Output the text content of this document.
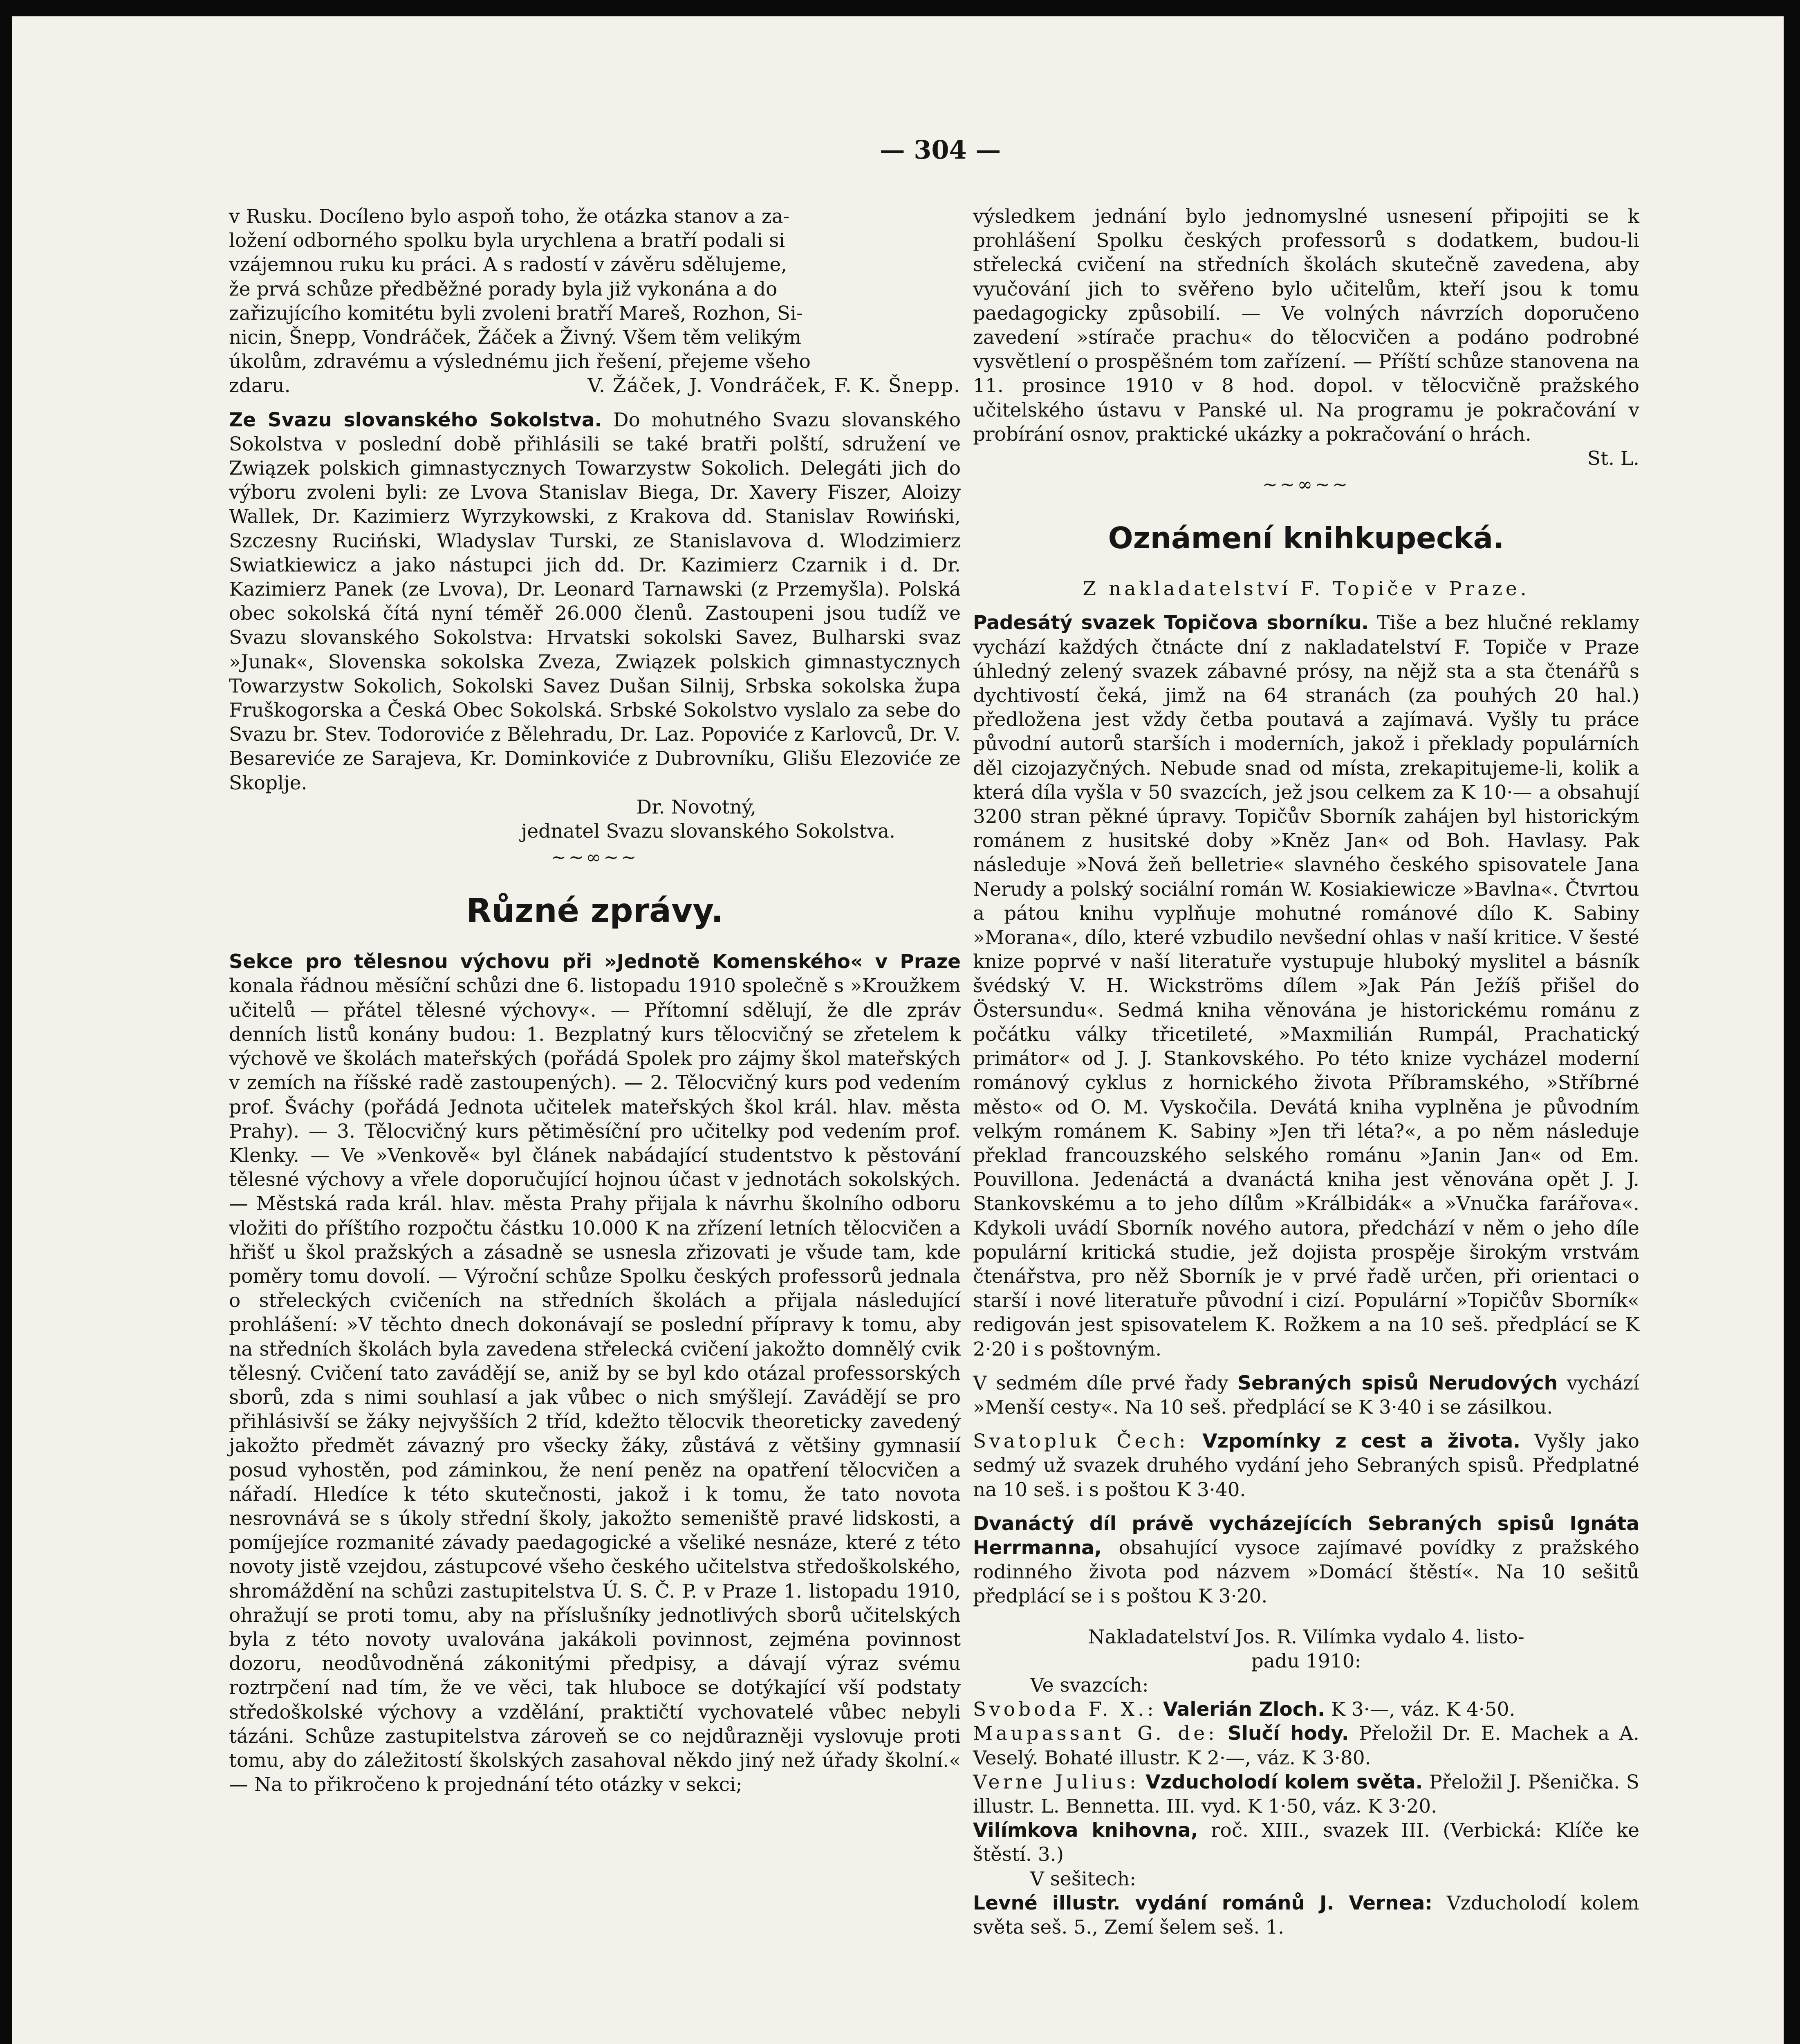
— 304 —

v Rusku. Docíleno bylo aspoň toho, že otázka stanov a za-

ložení odborného spolku byla urychlena a bratří podali si

vzájemnou ruku ku práci. A s radostí v závěru sdělujeme,

že prvá schůze předběžné porady byla již vykonána a do

zařizujícího komitétu byli zvoleni bratří Mareš, Rozhon, Si-

nicin, Šnepp, Vondráček, Žáček a Živný. Všem těm velikým

úkolům, zdravému a výslednému jich řešení, přejeme všeho

zdaru.	V. Žáček, J. Vondráček, F. K. Šnepp.

Ze Svazu slovanského Sokolstva. Do mohutného Svazu slovanského Sokolstva v poslední době přihlásili se také bratři polští, sdružení ve Związek polskich gimnastycznych Towarzystw Sokolich. Delegáti jich do výboru zvoleni byli: ze Lvova Stanislav Biega, Dr. Xavery Fiszer, Aloizy Wallek, Dr. Kazimierz Wyrzykowski, z Krakova dd. Stanislav Rowiński, Szczesny Ruciński, Wladyslav Turski, ze Stanislavova d. Wlodzimierz Swiatkiewicz a jako nástupci jich dd. Dr. Kazimierz Czarnik i d. Dr. Kazimierz Panek (ze Lvova), Dr. Leonard Tarnawski (z Przemyšla). Polská obec sokolská čítá nyní téměř 26.000 členů. Zastoupeni jsou tudíž ve Svazu slovanského Sokolstva: Hrvatski sokolski Savez, Bulharski svaz »Junak«, Slovenska sokolska Zveza, Związek polskich gimnastycznych Towarzystw Sokolich, Sokolski Savez Dušan Silnij, Srbska sokolska župa Fruškogorska a Česká Obec Sokolská. Srbské Sokolstvo vyslalo za sebe do Svazu br. Stev. Todoroviće z Bělehradu, Dr. Laz. Popoviće z Karlovců, Dr. V. Besareviće ze Sarajeva, Kr. Dominkoviće z Dubrovníku, Glišu Elezoviće ze Skoplje.

Dr. Novotný,

jednatel Svazu slovanského Sokolstva.

~~∞~~
Různé zprávy.

Sekce pro tělesnou výchovu při »Jednotě Komenského« v Praze konala řádnou měsíční schůzi dne 6. listopadu 1910 společně s »Kroužkem učitelů — přátel tělesné výchovy«. — Přítomní sdělují, že dle zpráv denních listů konány budou: 1. Bezplatný kurs tělocvičný se zřetelem k výchově ve školách mateřských (pořádá Spolek pro zájmy škol mateřských v zemích na říšské radě zastoupených). — 2. Tělocvičný kurs pod vedením prof. Šváchy (pořádá Jednota učitelek mateřských škol král. hlav. města Prahy). — 3. Tělocvičný kurs pětiměsíční pro učitelky pod vedením prof. Klenky. — Ve »Venkově« byl článek nabádající studentstvo k pěstování tělesné výchovy a vřele doporučující hojnou účast v jednotách sokolských. — Městská rada král. hlav. města Prahy přijala k návrhu školního odboru vložiti do příštího rozpočtu částku 10.000 K na zřízení letních tělocvičen a hřišť u škol pražských a zásadně se usnesla zřizovati je všude tam, kde poměry tomu dovolí. — Výroční schůze Spolku českých professorů jednala o střeleckých cvičeních na středních školách a přijala následující prohlášení: »V těchto dnech dokonávají se poslední přípravy k tomu, aby na středních školách byla zavedena střelecká cvičení jakožto domnělý cvik tělesný. Cvičení tato zavádějí se, aniž by se byl kdo otázal professorských sborů, zda s nimi souhlasí a jak vůbec o nich smýšlejí. Zavádějí se pro přihlásivší se žáky nejvyšších 2 tříd, kdežto tělocvik theoreticky zavedený jakožto předmět závazný pro všecky žáky, zůstává z většiny gymnasií posud vyhostěn, pod záminkou, že není peněz na opatření tělocvičen a nářadí. Hledíce k této skutečnosti, jakož i k tomu, že tato novota nesrovnává se s úkoly střední školy, jakožto semeniště pravé lidskosti, a pomíjejíce rozmanité závady paedagogické a všeliké nesnáze, které z této novoty jistě vzejdou, zástupcové všeho českého učitelstva středoškolského, shromáždění na schůzi zastupitelstva Ú. S. Č. P. v Praze 1. listopadu 1910, ohražují se proti tomu, aby na příslušníky jednotlivých sborů učitelských byla z této novoty uvalována jakákoli povinnost, zejména povinnost dozoru, neodůvodněná zákonitými předpisy, a dávají výraz svému roztrpčení nad tím, že ve věci, tak hluboce se dotýkající vší podstaty středoškolské výchovy a vzdělání, praktičtí vychovatelé vůbec nebyli tázáni. Schůze zastupitelstva zároveň se co nejdůrazněji vyslovuje proti tomu, aby do záležitostí školských zasahoval někdo jiný než úřady školní.« — Na to přikročeno k projednání této otázky v sekci;

výsledkem jednání bylo jednomyslné usnesení připojiti se k prohlášení Spolku českých professorů s dodatkem, budou-li střelecká cvičení na středních školách skutečně zavedena, aby vyučování jich to svěřeno bylo učitelům, kteří jsou k tomu paedagogicky způsobilí. — Ve volných návrzích doporučeno zavedení »stírače prachu« do tělocvičen a podáno podrobné vysvětlení o prospěšném tom zařízení. — Příští schůze stanovena na 11. prosince 1910 v 8 hod. dopol. v tělocvičně pražského učitelského ústavu v Panské ul. Na programu je pokračování v probírání osnov, praktické ukázky a pokračování o hrách.

St. L.

~~∞~~
Oznámení knihkupecká.

Z nakladatelství F. Topiče v Praze.

Padesátý svazek Topičova sborníku. Tiše a bez hlučné reklamy vychází každých čtnácte dní z nakladatelství F. Topiče v Praze úhledný zelený svazek zábavné prósy, na nějž sta a sta čtenářů s dychtivostí čeká, jimž na 64 stranách (za pouhých 20 hal.) předložena jest vždy četba poutavá a zajímavá. Vyšly tu práce původní autorů starších i moderních, jakož i překlady populárních děl cizojazyčných. Nebude snad od místa, zrekapitujeme-li, kolik a která díla vyšla v 50 svazcích, jež jsou celkem za K 10·— a obsahují 3200 stran pěkné úpravy. Topičův Sborník zahájen byl historickým románem z husitské doby »Kněz Jan« od Boh. Havlasy. Pak následuje »Nová žeň belletrie« slavného českého spisovatele Jana Nerudy a polský sociální román W. Kosiakiewicze »Bavlna«. Čtvrtou a pátou knihu vyplňuje mohutné románové dílo K. Sabiny »Morana«, dílo, které vzbudilo nevšední ohlas v naší kritice. V šesté knize poprvé v naší literatuře vystupuje hluboký myslitel a básník švédský V. H. Wickströms dílem »Jak Pán Ježíš přišel do Östersundu«. Sedmá kniha věnována je historickému románu z počátku války třicetileté, »Maxmilián Rumpál, Prachatický primátor« od J. J. Stankovského. Po této knize vycházel moderní románový cyklus z hornického života Příbramského, »Stříbrné město« od O. M. Vyskočila. Devátá kniha vyplněna je původním velkým románem K. Sabiny »Jen tři léta?«, a po něm následuje překlad francouzského selského románu »Janin Jan« od Em. Pouvillona. Jedenáctá a dvanáctá kniha jest věnována opět J. J. Stankovskému a to jeho dílům »Králbidák« a »Vnučka farářova«. Kdykoli uvádí Sborník nového autora, předchází v něm o jeho díle populární kritická studie, jež dojista prospěje širokým vrstvám čtenářstva, pro něž Sborník je v prvé řadě určen, při orientaci o starší i nové literatuře původní i cizí. Populární »Topičův Sborník« redigován jest spisovatelem K. Rožkem a na 10 seš. předplácí se K 2·20 i s poštovným.

V sedmém díle prvé řady Sebraných spisů Nerudových vychází »Menší cesty«. Na 10 seš. předplácí se K 3·40 i se zásilkou.

Svatopluk Čech: Vzpomínky z cest a života. Vyšly jako sedmý už svazek druhého vydání jeho Sebraných spisů. Předplatné na 10 seš. i s poštou K 3·40.

Dvanáctý díl právě vycházejících Sebraných spisů Ignáta Herrmanna, obsahující vysoce zajímavé povídky z pražského rodinného života pod názvem »Domácí štěstí«. Na 10 sešitů předplácí se i s poštou K 3·20.

Nakladatelství Jos. R. Vilímka vydalo 4. listo-

padu 1910:

Ve svazcích:

Svoboda F. X.: Valerián Zloch. K 3·—, váz. K 4·50.

Maupassant G. de: Slučí hody. Přeložil Dr. E. Machek a A. Veselý. Bohaté illustr. K 2·—, váz. K 3·80.

Verne Julius: Vzducholodí kolem světa. Přeložil J. Pšenička. S illustr. L. Bennetta. III. vyd. K 1·50, váz. K 3·20.

Vilímkova knihovna, roč. XIII., svazek III. (Verbická: Klíče ke štěstí. 3.)

V sešitech:

Levné illustr. vydání románů J. Vernea: Vzducholodí kolem světa seš. 5., Zemí šelem seš. 1.
